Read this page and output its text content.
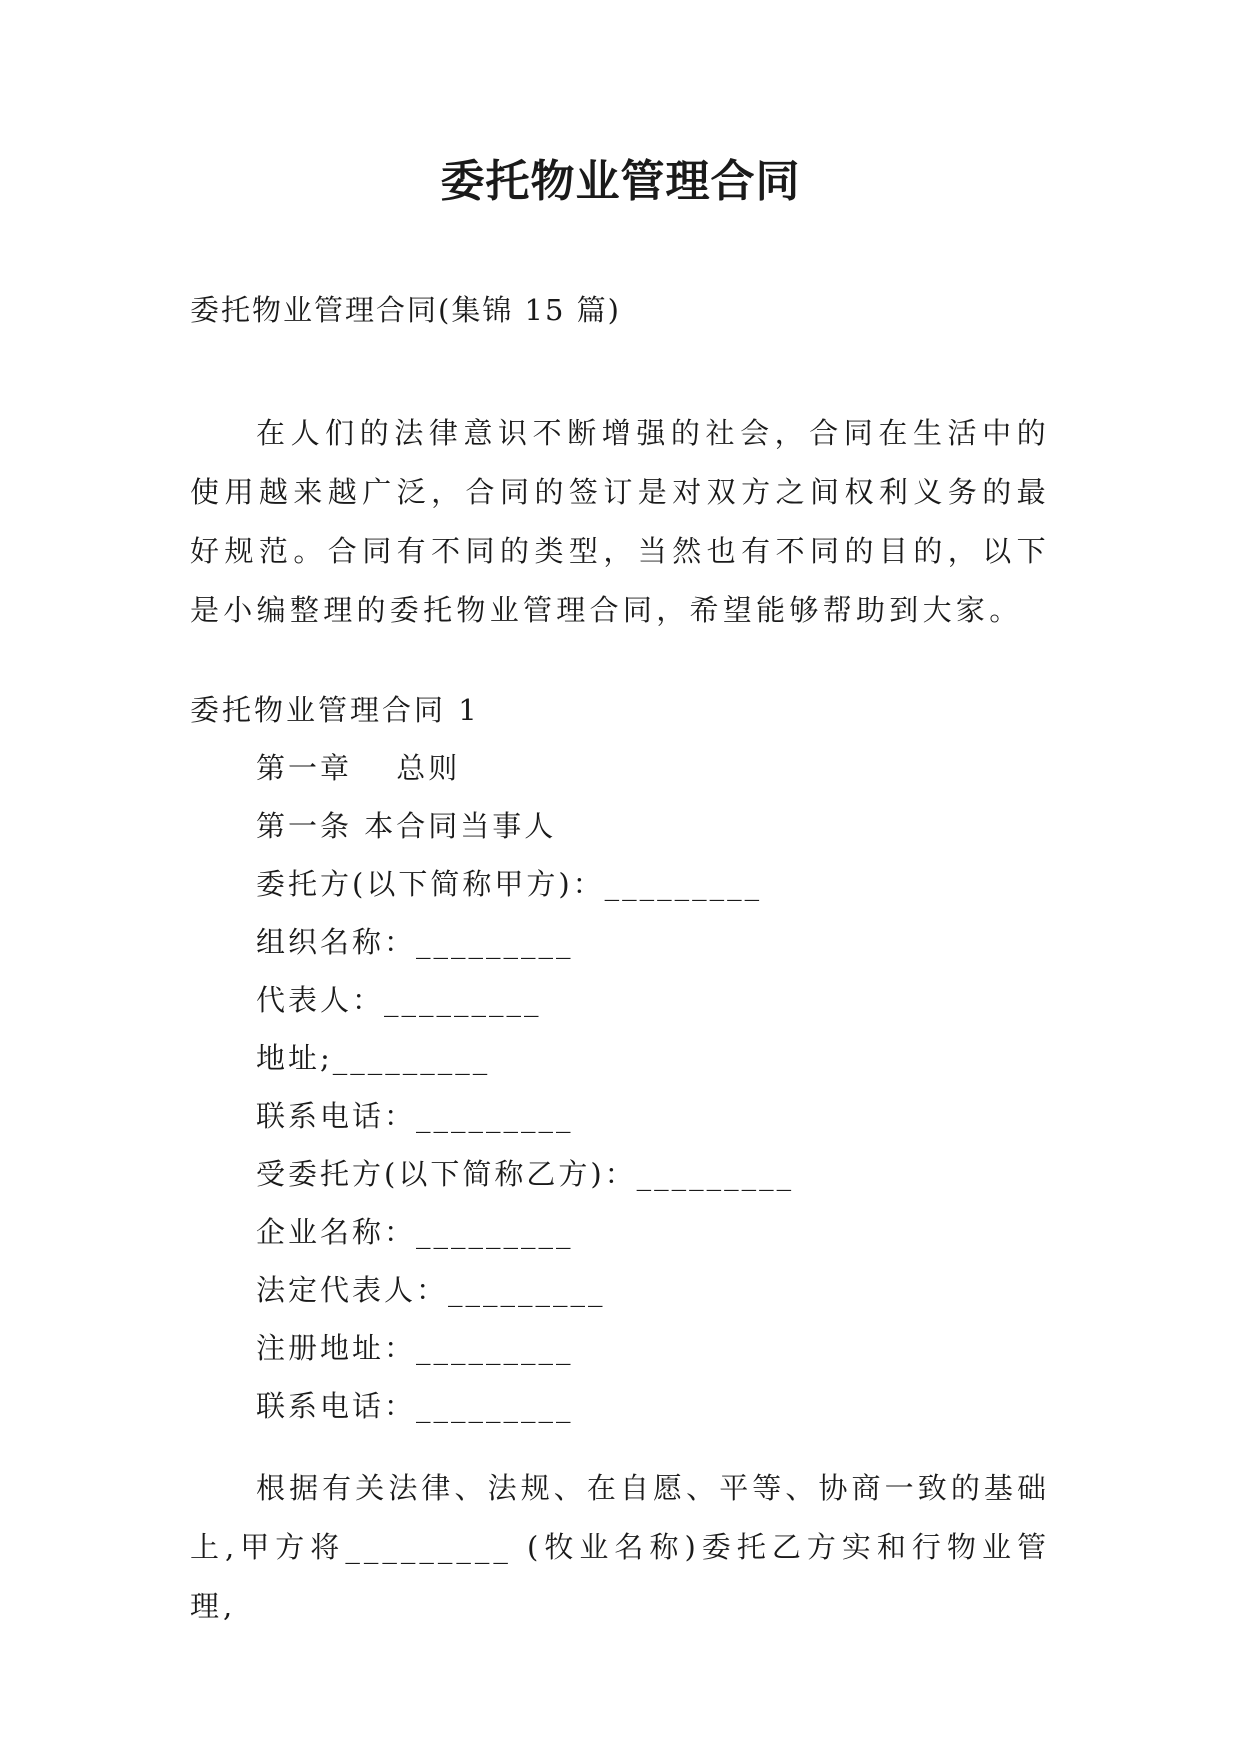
委托物业管理合同

委托物业管理合同(集锦 15 篇)

在人们的法律意识不断增强的社会，合同在生活中的使用越来越广泛，合同的签订是对双方之间权利义务的最好规范。合同有不同的类型，当然也有不同的目的，以下是小编整理的委托物业管理合同，希望能够帮助到大家。

委托物业管理合同 1

第一章　 总则

第一条 本合同当事人

委托方(以下简称甲方)：_________

组织名称：_________

代表人：_________

地址;_________

联系电话：_________

受委托方(以下简称乙方)：_________

企业名称：_________

法定代表人：_________

注册地址：_________

联系电话：_________

根据有关法律、法规、在自愿、平等、协商一致的基础上,甲方将_________ (牧业名称)委托乙方实和行物业管理,
